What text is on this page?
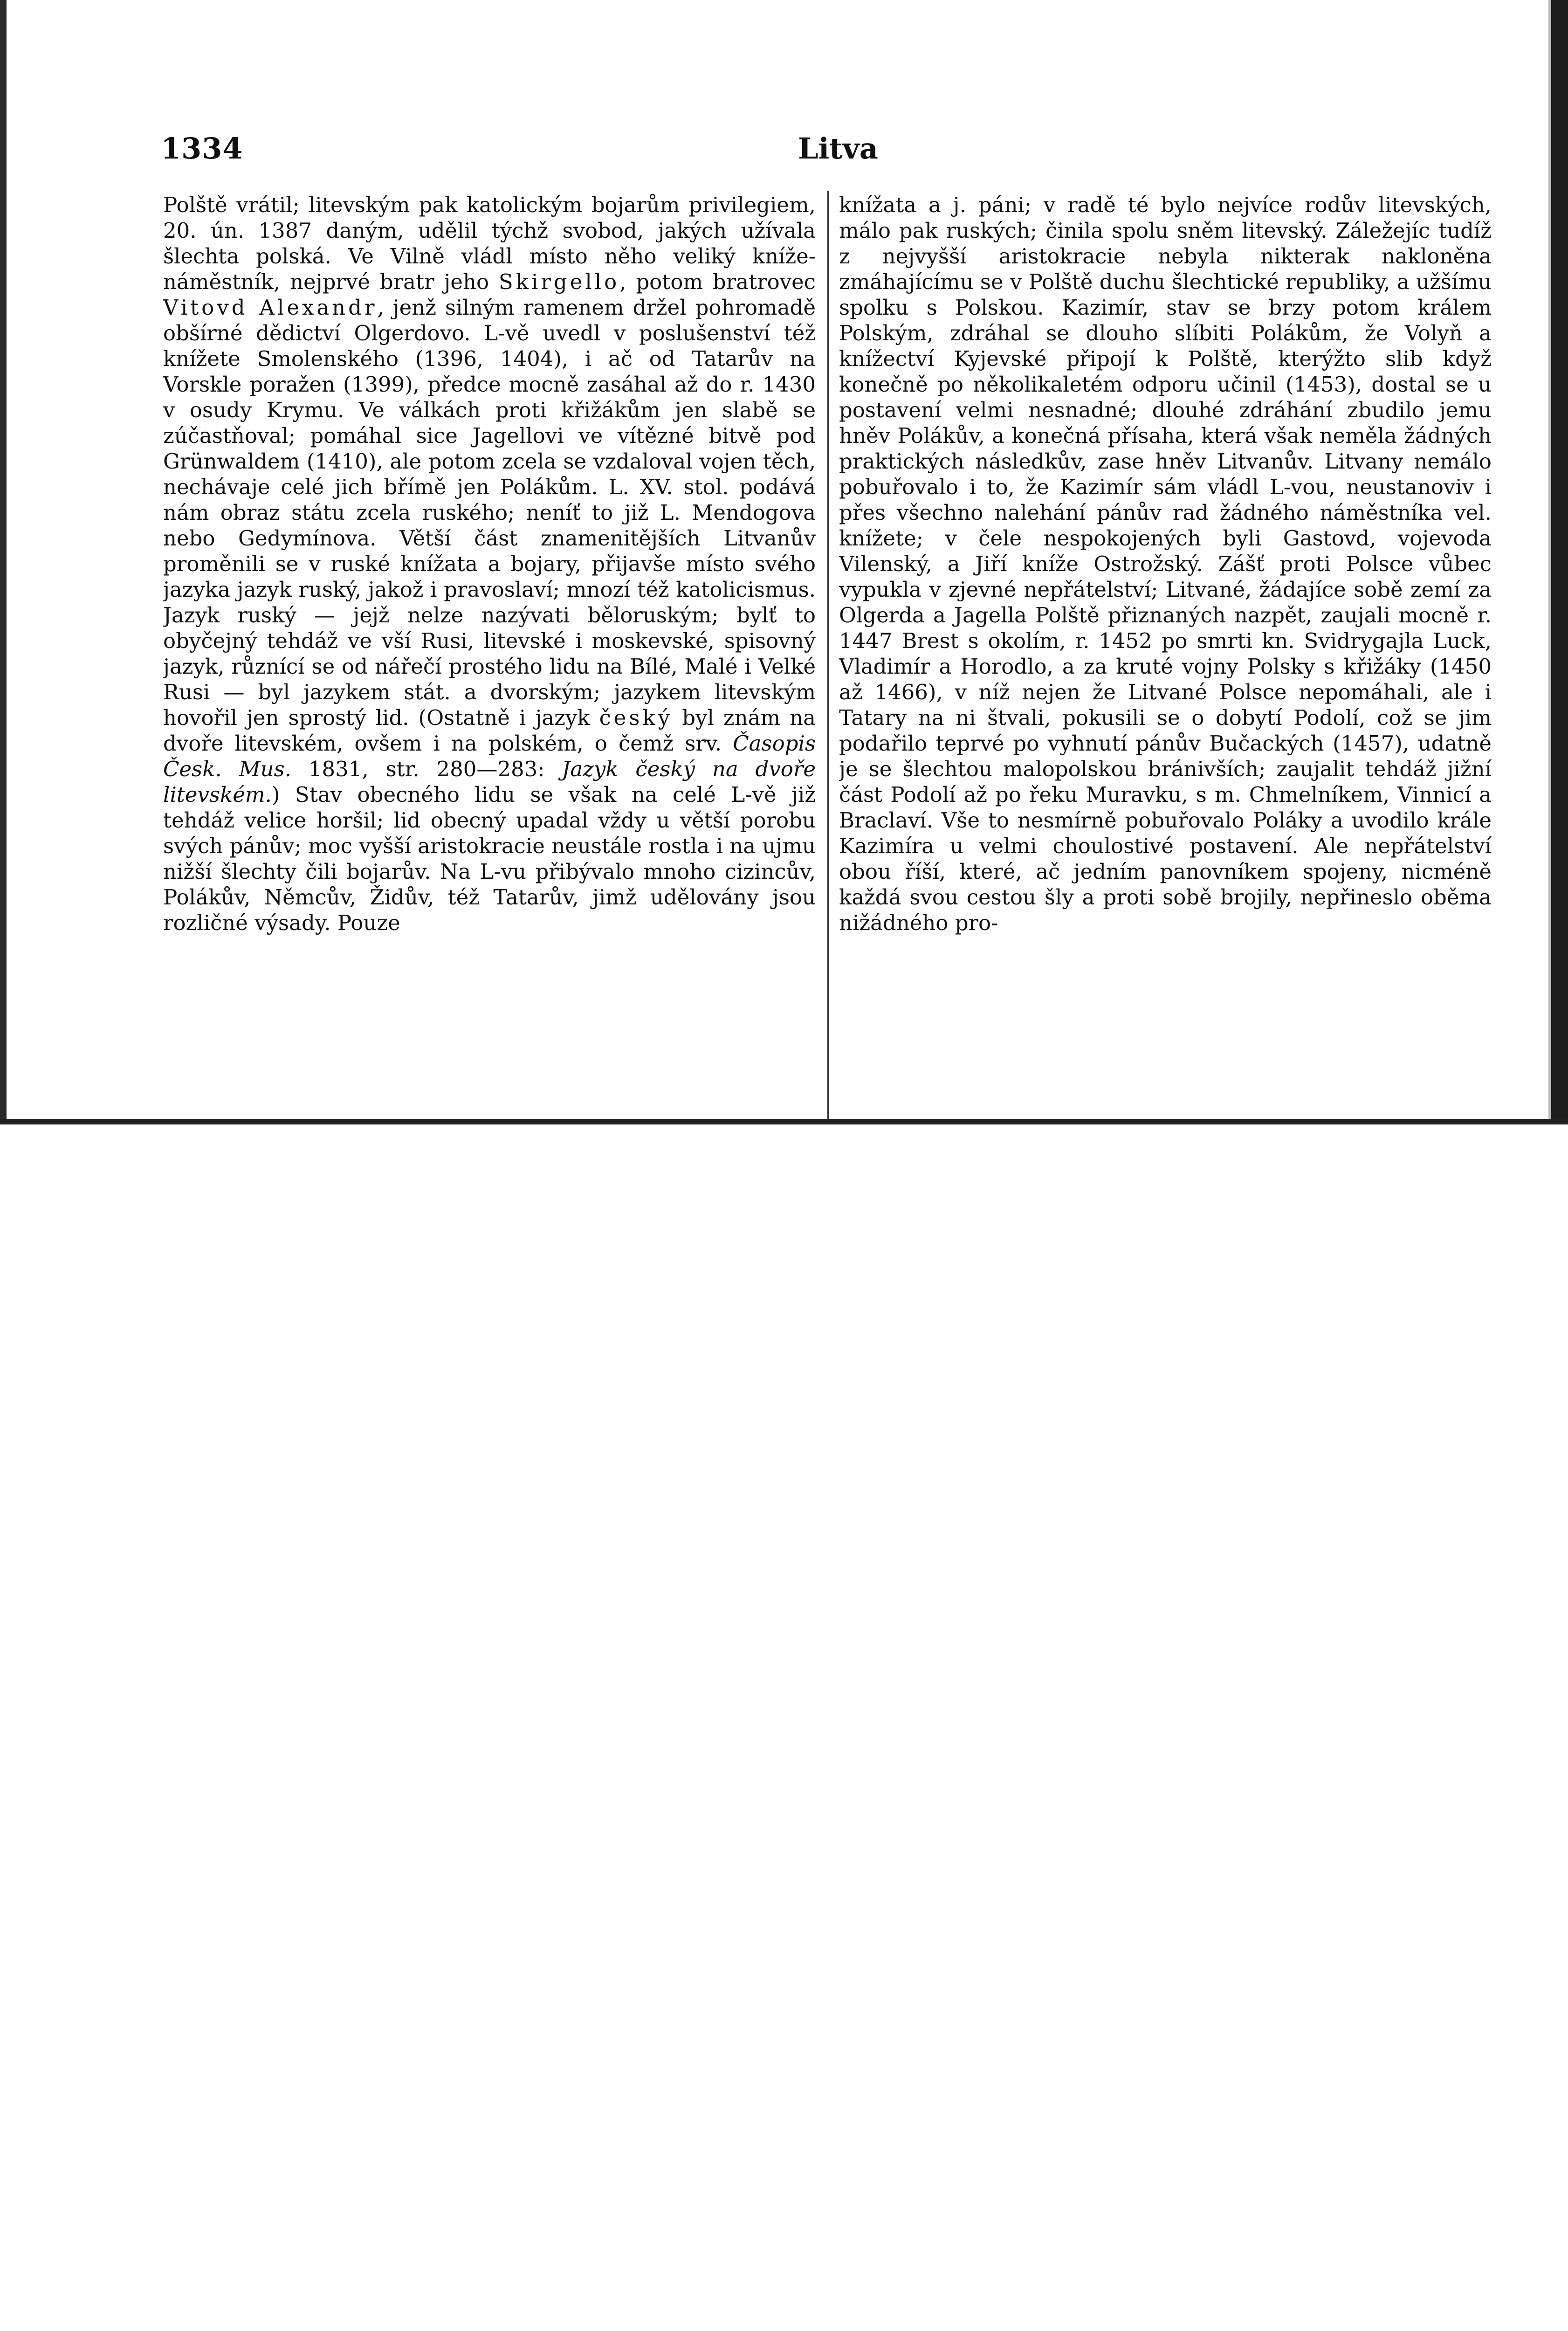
1334	Litva

Polště vrátil; litevským pak katolickým bojarům privilegiem, 20. ún. 1387 daným, udělil týchž svobod, jakých užívala šlechta polská. Ve Vilně vládl místo něho veliký kníže-náměstník, nejprvé bratr jeho Skirgello, potom bratrovec Vitovd Alexandr, jenž silným ramenem držel pohromadě obšírné dědictví Olgerdovo. L-vě uvedl v poslušenství též knížete Smolenského (1396, 1404), i ač od Tatarův na Vorskle poražen (1399), předce mocně zasáhal až do r. 1430 v osudy Krymu. Ve válkách proti křižákům jen slabě se zúčastňoval; pomáhal sice Jagellovi ve vítězné bitvě pod Grünwaldem (1410), ale potom zcela se vzdaloval vojen těch, nechávaje celé jich břímě jen Polákům. L. XV. stol. podává nám obraz státu zcela ruského; neníť to již L. Mendogova nebo Gedymínova. Větší část znamenitějších Litvanův proměnili se v ruské knížata a bojary, přijavše místo svého jazyka jazyk ruský, jakož i pravoslaví; mnozí též katolicismus. Jazyk ruský — jejž nelze nazývati běloruským; bylť to obyčejný tehdáž ve vší Rusi, litevské i moskevské, spisovný jazyk, různící se od nářečí prostého lidu na Bílé, Malé i Velké Rusi — byl jazykem stát. a dvorským; jazykem litevským hovořil jen sprostý lid. (Ostatně i jazyk český byl znám na dvoře litevském, ovšem i na polském, o čemž srv. Časopis Česk. Mus. 1831, str. 280—283: Jazyk český na dvoře litevském.) Stav obecného lidu se však na celé L-vě již tehdáž velice horšil; lid obecný upadal vždy u větší porobu svých pánův; moc vyšší aristokracie neustále rostla i na ujmu nižší šlechty čili bojarův. Na L-vu přibývalo mnoho cizincův, Polákův, Němcův, Židův, též Tatarův, jimž udělovány jsou rozličné výsady. Pouze

knížata a j. páni; v radě té bylo nejvíce rodův litevských, málo pak ruských; činila spolu sněm litevský. Záležejíc tudíž z nejvyšší aristokracie nebyla nikterak nakloněna zmáhajícímu se v Polště duchu šlechtické republiky, a užšímu spolku s Polskou. Kazimír, stav se brzy potom králem Polským, zdráhal se dlouho slíbiti Polákům, že Volyň a knížectví Kyjevské připojí k Polště, kterýžto slib když konečně po několikaletém odporu učinil (1453), dostal se u postavení velmi nesnadné; dlouhé zdráhání zbudilo jemu hněv Polákův, a konečná přísaha, která však neměla žádných praktických následkův, zase hněv Litvanův. Litvany nemálo pobuřovalo i to, že Kazimír sám vládl L-vou, neustanoviv i přes všechno nalehání pánův rad žádného náměstníka vel. knížete; v čele nespokojených byli Gastovd, vojevoda Vilenský, a Jiří kníže Ostrožský. Zášť proti Polsce vůbec vypukla v zjevné nepřátelství; Litvané, žádajíce sobě zemí za Olgerda a Jagella Polště přiznaných nazpět, zaujali mocně r. 1447 Brest s okolím, r. 1452 po smrti kn. Svidrygajla Luck, Vladimír a Horodlo, a za kruté vojny Polsky s křižáky (1450 až 1466), v níž nejen že Litvané Polsce nepomáhali, ale i Tatary na ni štvali, pokusili se o dobytí Podolí, což se jim podařilo teprvé po vyhnutí pánův Bučackých (1457), udatně je se šlechtou malopolskou bránivších; zaujalit tehdáž jižní část Podolí až po řeku Muravku, s m. Chmelníkem, Vinnicí a Braclaví. Vše to nesmírně pobuřovalo Poláky a uvodilo krále Kazimíra u velmi choulostivé postavení. Ale nepřátelství obou říší, které, ač jedním panovníkem spojeny, nicméně každá svou cestou šly a proti sobě brojily, nepřineslo oběma nižádného pro-
